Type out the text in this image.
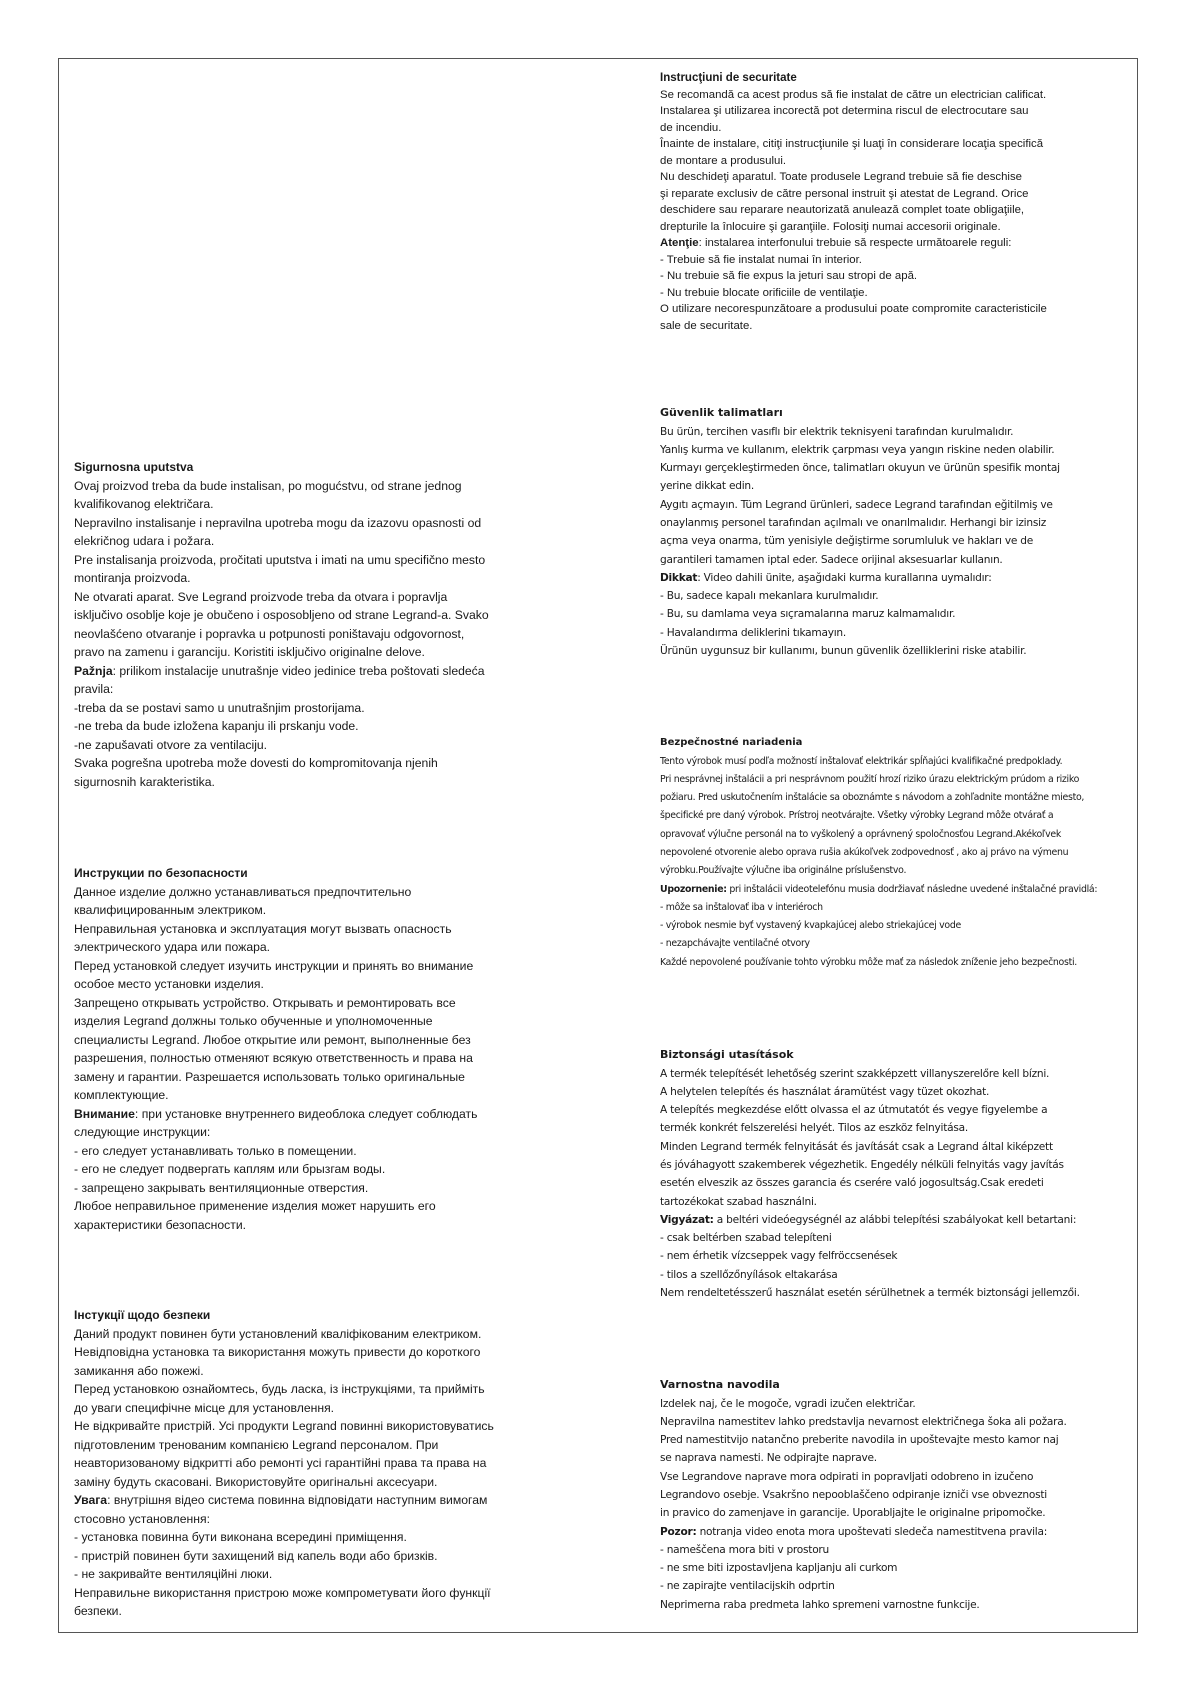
Instrucţiuni de securitate

Se recomandă ca acest produs să fie instalat de către un electrician calificat.

Instalarea şi utilizarea incorectă pot determina riscul de electrocutare sau

de incendiu.

Înainte de instalare, citiţi instrucţiunile şi luaţi în considerare locaţia specifică

de montare a produsului.

Nu deschideţi aparatul. Toate produsele Legrand trebuie să fie deschise

şi reparate exclusiv de către personal instruit şi atestat de Legrand. Orice

deschidere sau reparare neautorizată anulează complet toate obligaţiile,

drepturile la înlocuire şi garanţiile. Folosiţi numai accesorii originale.

Atenţie: instalarea interfonului trebuie să respecte următoarele reguli:

- Trebuie să fie instalat numai în interior.

- Nu trebuie să fie expus la jeturi sau stropi de apă.

- Nu trebuie blocate orificiile de ventilaţie.

O utilizare necorespunzătoare a produsului poate compromite caracteristicile

sale de securitate.

Güvenlik talimatları

Bu ürün, tercihen vasıflı bir elektrik teknisyeni tarafından kurulmalıdır.

Yanlış kurma ve kullanım, elektrik çarpması veya yangın riskine neden olabilir.

Kurmayı gerçekleştirmeden önce, talimatları okuyun ve ürünün spesifik montaj

yerine dikkat edin.

Aygıtı açmayın. Tüm Legrand ürünleri, sadece Legrand tarafından eğitilmiş ve

onaylanmış personel tarafından açılmalı ve onarılmalıdır. Herhangi bir izinsiz

açma veya onarma, tüm yenisiyle değiştirme sorumluluk ve hakları ve de

garantileri tamamen iptal eder. Sadece orijinal aksesuarlar kullanın.

Dikkat: Video dahili ünite, aşağıdaki kurma kurallarına uymalıdır:

- Bu, sadece kapalı mekanlara kurulmalıdır.

- Bu, su damlama veya sıçramalarına maruz kalmamalıdır.

- Havalandırma deliklerini tıkamayın.

Ürünün uygunsuz bir kullanımı, bunun güvenlik özelliklerini riske atabilir.

Sigurnosna uputstva

Ovaj proizvod treba da bude instalisan, po mogućstvu, od strane jednog

kvalifikovanog električara.

Nepravilno instalisanje i nepravilna upotreba mogu da izazovu opasnosti od

elekričnog udara i požara.

Pre instalisanja proizvoda, pročitati uputstva i imati na umu specifično mesto

montiranja proizvoda.

Ne otvarati aparat. Sve Legrand proizvode treba da otvara i popravlja

isključivo osoblje koje je obučeno i osposobljeno od strane Legrand-a. Svako

neovlašćeno otvaranje i popravka u potpunosti poništavaju odgovornost,

pravo na zamenu i garanciju. Koristiti isključivo originalne delove.

Pažnja: prilikom instalacije unutrašnje video jedinice treba poštovati sledeća

pravila:

-treba da se postavi samo u unutrašnjim prostorijama.

-ne treba da bude izložena kapanju ili prskanju vode.

-ne zapušavati otvore za ventilaciju.

Svaka pogrešna upotreba može dovesti do kompromitovanja njenih

sigurnosnih karakteristika.

Bezpečnostné nariadenia

Tento výrobok musí podľa možností inštalovať elektrikár spĺňajúci kvalifikačné predpoklady.

Pri nesprávnej inštalácii a pri nesprávnom použití hrozí riziko úrazu elektrickým prúdom a riziko

požiaru. Pred uskutočnením inštalácie sa oboznámte s návodom a zohľadnite montážne miesto,

špecifické pre daný výrobok. Prístroj neotvárajte. Všetky výrobky Legrand môže otvárať a

opravovať výlučne personál na to vyškolený a oprávnený spoločnosťou Legrand.Akékoľvek

nepovolené otvorenie alebo oprava rušia akúkoľvek zodpovednosť , ako aj právo na výmenu

výrobku.Používajte výlučne iba originálne príslušenstvo.

Upozornenie: pri inštalácii videotelefónu musia dodržiavať následne uvedené inštalačné pravidlá:

- môže sa inštalovať iba v interiéroch

- výrobok nesmie byť vystavený kvapkajúcej alebo striekajúcej vode

- nezapchávajte ventilačné otvory

Každé nepovolené používanie tohto výrobku môže mať za následok zníženie jeho bezpečnosti.

Инструкции по безопасности

Данное изделие должно устанавливаться предпочтительно

квалифицированным электриком.

Неправильная установка и эксплуатация могут вызвать опасность

электрического удара или пожара.

Перед установкой следует изучить инструкции и принять во внимание

особое место установки изделия.

Запрещено открывать устройство. Открывать и ремонтировать все

изделия Legrand должны только обученные и уполномоченные

специалисты Legrand. Любое открытие или ремонт, выполненные без

разрешения, полностью отменяют всякую ответственность и права на

замену и гарантии. Разрешается использовать только оригинальные

комплектующие.

Внимание: при установке внутреннего видеоблока следует соблюдать

следующие инструкции:

- его следует устанавливать только в помещении.

- его не следует подвергать каплям или брызгам воды.

- запрещено закрывать вентиляционные отверстия.

Любое неправильное применение изделия может нарушить его

характеристики безопасности.

Biztonsági utasítások

A termék telepítését lehetőség szerint szakképzett villanyszerelőre kell bízni.

A helytelen telepítés és használat áramütést vagy tüzet okozhat.

A telepítés megkezdése előtt olvassa el az útmutatót és vegye figyelembe a

termék konkrét felszerelési helyét. Tilos az eszköz felnyitása.

Minden Legrand termék felnyitását és javítását csak a Legrand által kiképzett

és jóváhagyott szakemberek végezhetik. Engedély nélküli felnyitás vagy javítás

esetén elveszik az összes garancia és cserére való jogosultság.Csak eredeti

tartozékokat szabad használni.

Vigyázat: a beltéri videóegységnél az alábbi telepítési szabályokat kell betartani:

- csak beltérben szabad telepíteni

- nem érhetik vízcseppek vagy felfröccsenések

- tilos a szellőzőnyílások eltakarása

Nem rendeltetésszerű használat esetén sérülhetnek a termék biztonsági jellemzői.

Інстукції щодо безпеки

Даний продукт повинен бути установлений кваліфікованим електриком.

Невідповідна установка та використання можуть привести до короткого

замикання або пожежі.

Перед установкою ознайомтесь, будь ласка, із інструкціями, та прийміть

до уваги специфічне місце для установлення.

Не відкривайте пристрій. Усі продукти Legrand повинні використовуватись

підготовленим тренованим компанією Legrand персоналом. При

неавторизованому відкритті або ремонті усі гарантійні права та права на

заміну будуть скасовані. Використовуйте оригінальні аксесуари.

Увага: внутрішня відео система повинна відповідати наступним вимогам

стосовно установлення:

- установка повинна бути виконана всередині приміщення.

- пристрій повинен бути захищений від капель води або бризків.

- не закривайте вентиляційні люки.

Неправильне використання пристрою може компрометувати його функції

безпеки.

Varnostna navodila

Izdelek naj, če le mogoče, vgradi izučen električar.

Nepravilna namestitev lahko predstavlja nevarnost električnega šoka ali požara.

Pred namestitvijo natančno preberite navodila in upoštevajte mesto kamor naj

se naprava namesti. Ne odpirajte naprave.

Vse Legrandove naprave mora odpirati in popravljati odobreno in izučeno

Legrandovo osebje. Vsakršno nepooblaščeno odpiranje izniči vse obveznosti

in pravico do zamenjave in garancije. Uporabljajte le originalne pripomočke.

Pozor: notranja video enota mora upoštevati sledeča namestitvena pravila:

- nameščena mora biti v prostoru

- ne sme biti izpostavljena kapljanju ali curkom

- ne zapirajte ventilacijskih odprtin

Neprimerna raba predmeta lahko spremeni varnostne funkcije.
